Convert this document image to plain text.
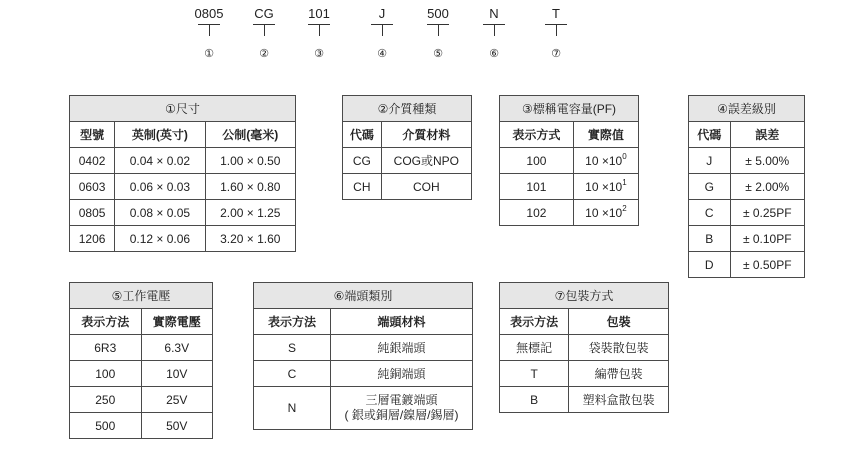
0805
①
CG
②
101
③
J
④
500
⑤
N
⑥
T
⑦
①尺寸		
型號	英制(英寸)	公制(毫米)
0402	0.04 × 0.02	1.00 × 0.50
0603	0.06 × 0.03	1.60 × 0.80
0805	0.08 × 0.05	2.00 × 1.25
1206	0.12 × 0.06	3.20 × 1.60
②介質種類	
代碼	介質材料
CG	COG或NPO
CH	COH
③標稱電容量(PF)	
表示方式	實際值
100	$10 \times 10^0$
101	$10 \times 10^1$
102	$10 \times 10^2$
④誤差級別	
代碼	誤差
J	± 5.00%
G	± 2.00%
C	± 0.25PF
B	± 0.10PF
D	± 0.50PF
⑤工作電壓	
表示方法	實際電壓
6R3	6.3V
100	10V
250	25V
500	50V
⑥端頭類別	
表示方法	端頭材料
S	純銀端頭
C	純銅端頭
N	三層電鍍端頭
( 銀或銅層/鎳層/錫層)
⑦包裝方式	
表示方法	包裝
無標記	袋裝散包裝
T	編帶包裝
B	塑料盒散包裝
